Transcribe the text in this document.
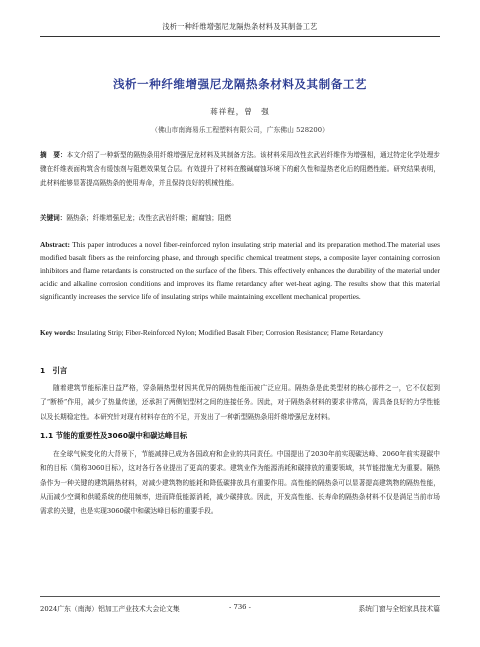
浅析一种纤维增强尼龙隔热条材料及其制备工艺
浅析一种纤维增强尼龙隔热条材料及其制备工艺
蒋祥程，曾　强
（佛山市南海易乐工程塑料有限公司，广东佛山 528200）
摘　要：本文介绍了一种新型的隔热条用纤维增强尼龙材料及其制备方法。该材料采用改性玄武岩纤维作为增强相，通过特定化学处理步骤在纤维表面构筑含有缓蚀剂与阻燃效果复合层。有效提升了材料在酸碱腐蚀环境下的耐久性和湿热老化后的阻燃性能。研究结果表明，此材料能够显著提高隔热条的使用寿命，并且保持良好的机械性能。
关键词：隔热条；纤维增强尼龙；改性玄武岩纤维；耐腐蚀；阻燃
Abstract: This paper introduces a novel fiber-reinforced nylon insulating strip material and its preparation method.The material uses modified basalt fibers as the reinforcing phase, and through specific chemical treatment steps, a composite layer containing corrosion inhibitors and flame retardants is constructed on the surface of the fibers. This effectively enhances the durability of the material under acidic and alkaline corrosion conditions and improves its flame retardancy after wet-heat aging. The results show that this material significantly increases the service life of insulating strips while maintaining excellent mechanical properties.
Key words: Insulating Strip; Fiber-Reinforced Nylon; Modified Basalt Fiber; Corrosion Resistance; Flame Retardancy
1　引言
随着建筑节能标准日益严格，穿条隔热型材因其优异的隔热性能而被广泛应用。隔热条是此类型材的核心部件之一，它不仅起到了“断桥”作用，减少了热量传递，还承担了两侧铝型材之间的连接任务。因此，对于隔热条材料的要求非常高，需具备良好的力学性能以及长期稳定性。本研究针对现有材料存在的不足，开发出了一种新型隔热条用纤维增强尼龙材料。
1.1 节能的重要性及3060碳中和碳达峰目标
在全球气候变化的大背景下，节能减排已成为各国政府和企业的共同责任。中国提出了2030年前实现碳达峰、2060年前实现碳中和的目标（简称3060目标），这对各行各业提出了更高的要求。建筑业作为能源消耗和碳排放的重要领域，其节能措施尤为重要。隔热条作为一种关键的建筑隔热材料，对减少建筑物的能耗和降低碳排放具有重要作用。高性能的隔热条可以显著提高建筑物的隔热性能，从而减少空调和供暖系统的使用频率，进而降低能源消耗，减少碳排放。因此，开发高性能、长寿命的隔热条材料不仅是满足当前市场需求的关键，也是实现3060碳中和碳达峰目标的重要手段。
2024广东（南海）铝加工产业技术大会论文集	- 736 -	系统门窗与全铝家具技术篇
